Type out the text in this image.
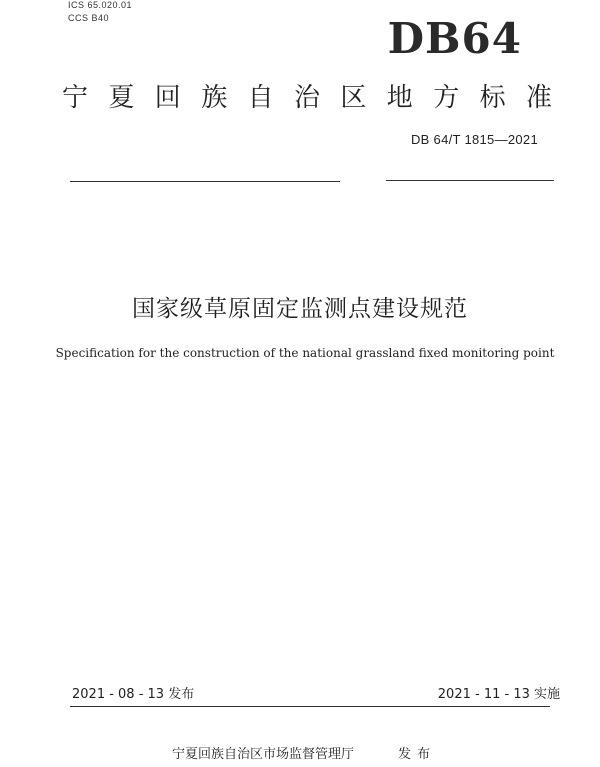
ICS 65.020.01
CCS B40	DB64
宁夏回族自治区地方标准
DB 64/T 1815—2021
国家级草原固定监测点建设规范
Specification for the construction of the national grassland fixed monitoring point
2021 - 08 - 13 发布	2021 - 11 - 13 实施
宁夏回族自治区市场监督管理厅	发布
